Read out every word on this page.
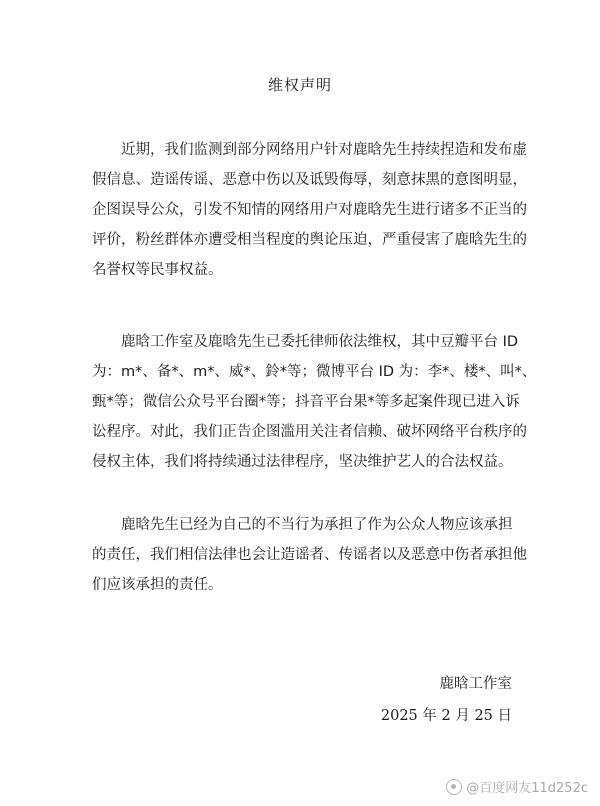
维权声明
　　近期，我们监测到部分网络用户针对鹿晗先生持续捏造和发布虚
假信息、造谣传谣、恶意中伤以及诋毁侮辱，刻意抹黑的意图明显，
企图误导公众，引发不知情的网络用户对鹿晗先生进行诸多不正当的
评价，粉丝群体亦遭受相当程度的舆论压迫，严重侵害了鹿晗先生的
名誉权等民事权益。
　　鹿晗工作室及鹿晗先生已委托律师依法维权，其中豆瓣平台 ID
为：m*、备*、m*、威*、鈴*等；微博平台 ID 为：李*、楼*、叫*、
甄*等；微信公众号平台圈*等；抖音平台果*等多起案件现已进入诉
讼程序。对此，我们正告企图滥用关注者信赖、破坏网络平台秩序的
侵权主体，我们将持续通过法律程序，坚决维护艺人的合法权益。
　　鹿晗先生已经为自己的不当行为承担了作为公众人物应该承担
的责任，我们相信法律也会让造谣者、传谣者以及恶意中伤者承担他
们应该承担的责任。
鹿晗工作室
2025 年 2 月 25 日
@百度网友11d252c
